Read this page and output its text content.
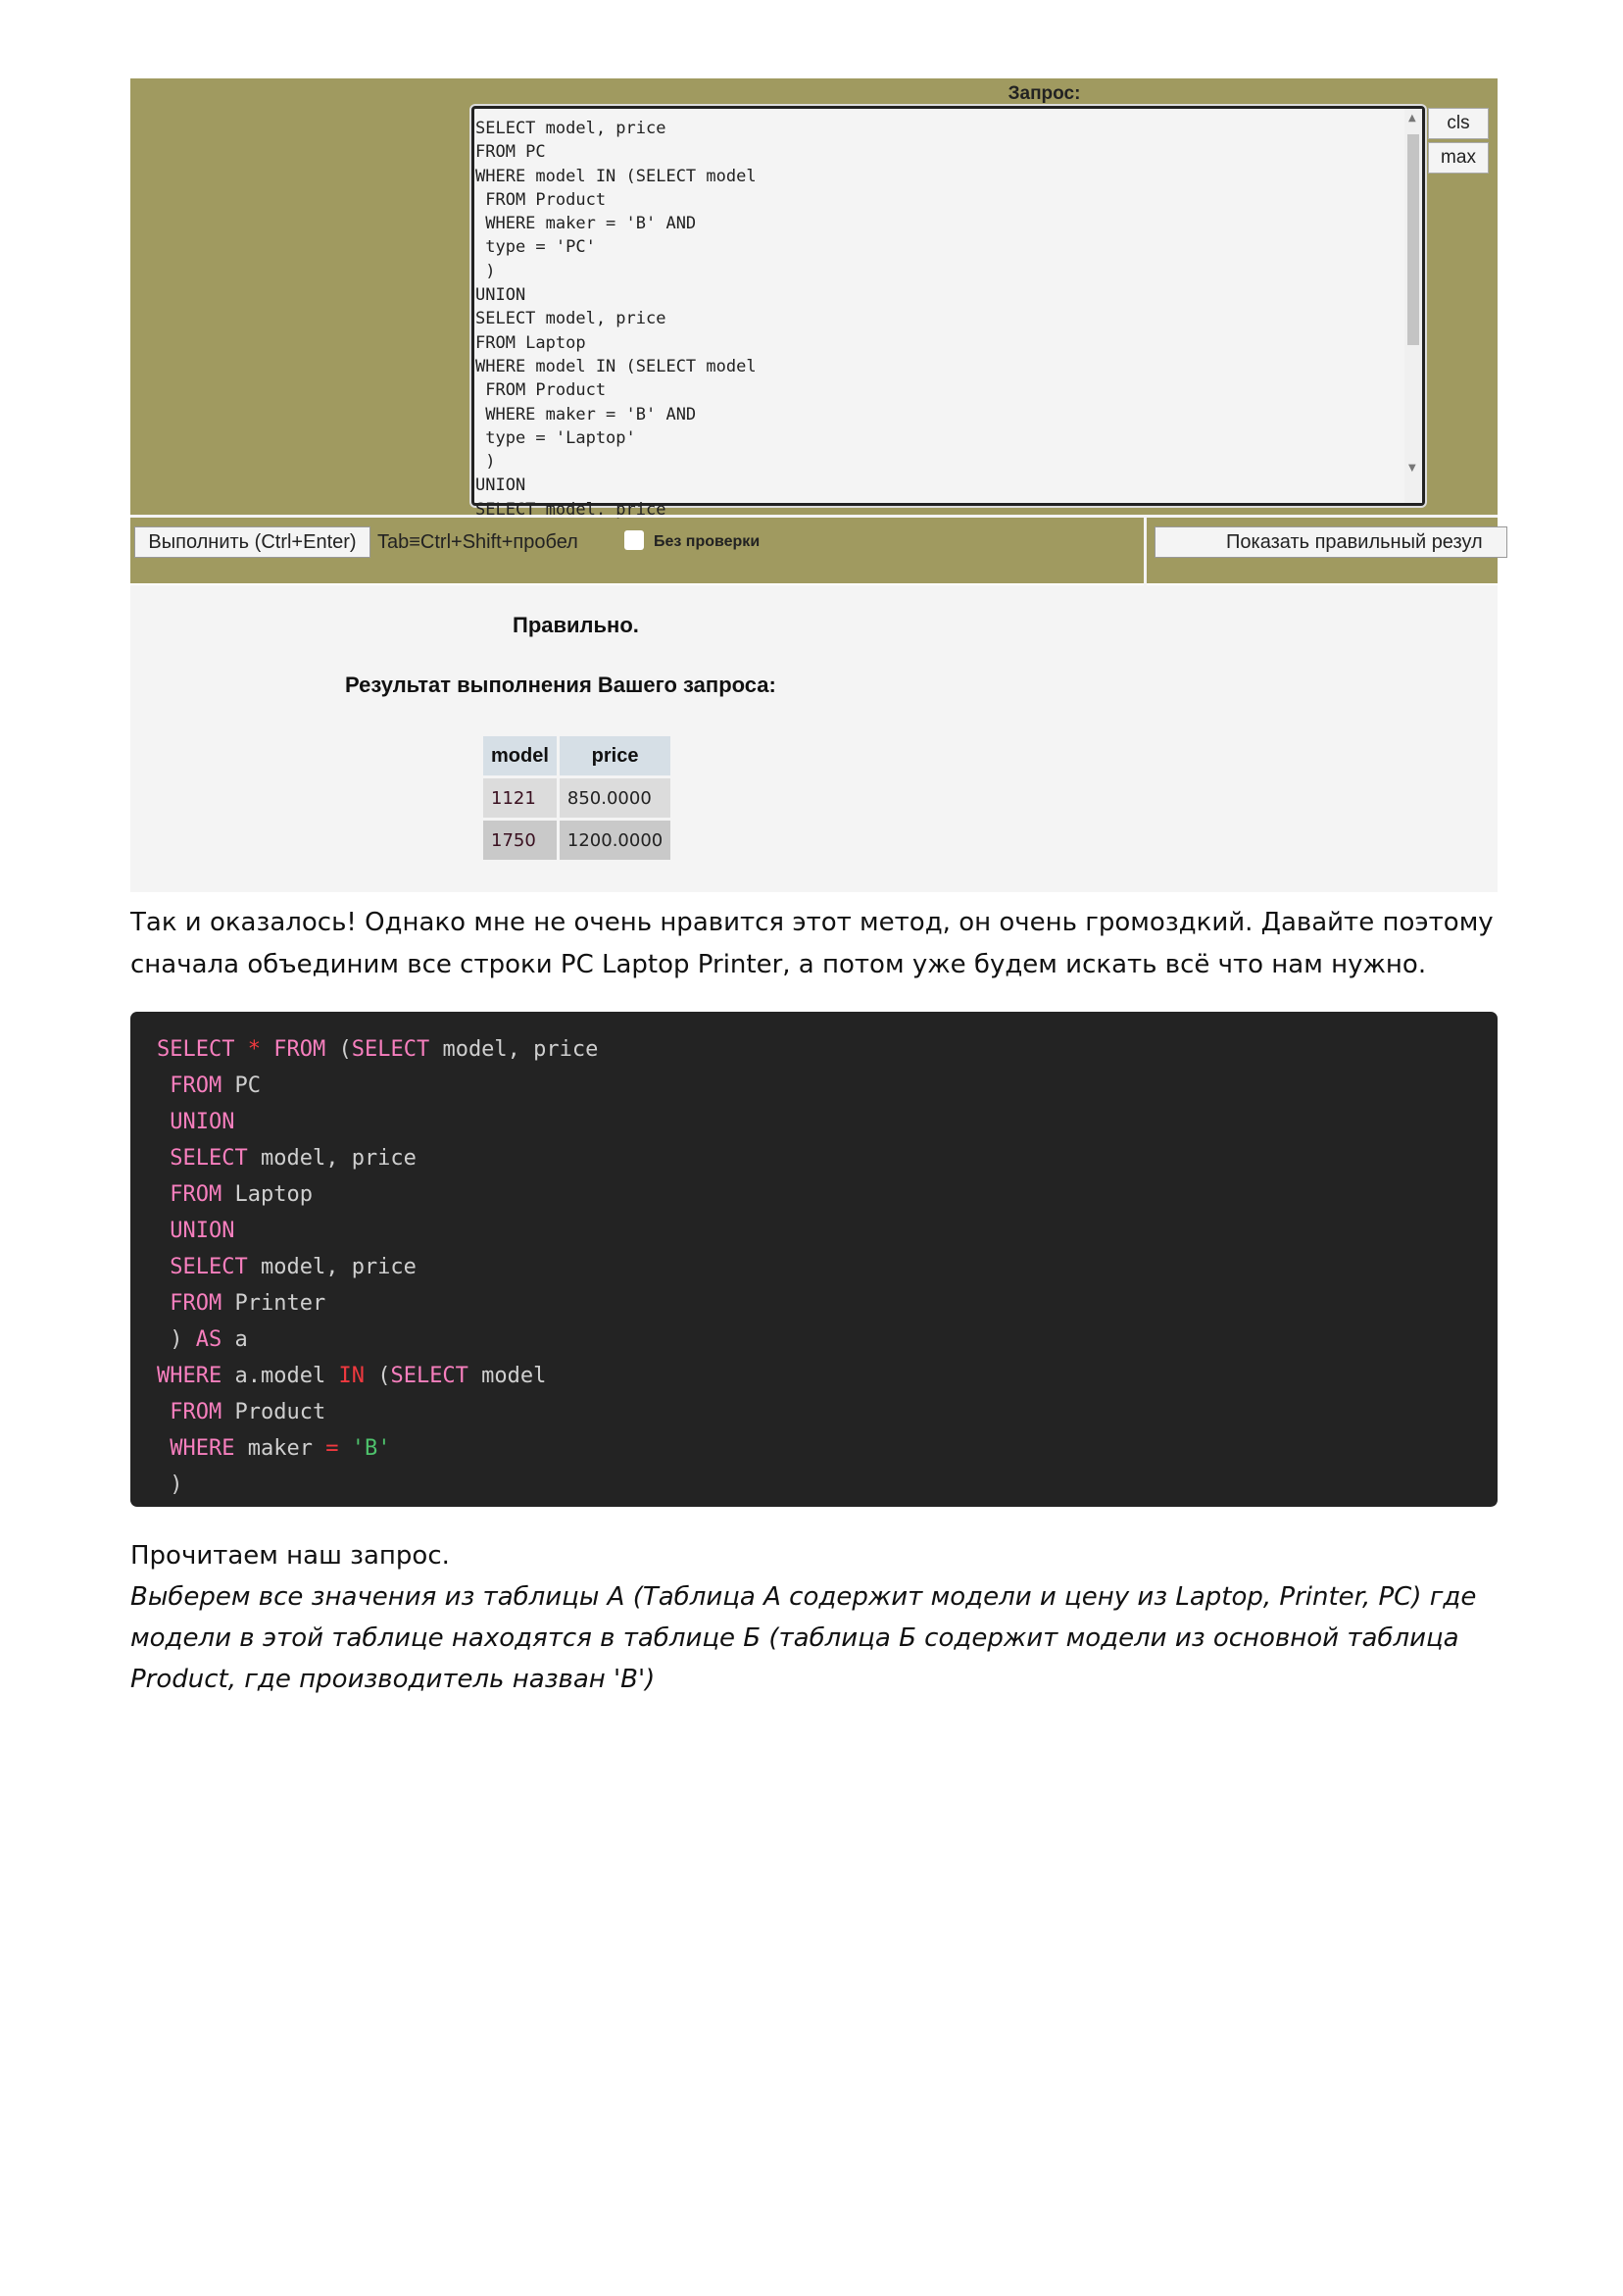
Запрос:
SELECT model, price
FROM PC
WHERE model IN (SELECT model
FROM Product
WHERE maker = 'B' AND
type = 'PC'
)
UNION
SELECT model, price
FROM Laptop
WHERE model IN (SELECT model
FROM Product
WHERE maker = 'B' AND
type = 'Laptop'
)
UNION
SELECT model, price
▲
▼
cls
max
Выполнить (Ctrl+Enter)	Tab≡Ctrl+Shift+пробел	Без проверки	Показать правильный резул
Правильно.
Результат выполнения Вашего запроса:
model	price
1121	850.0000
1750	1200.0000

Так и оказалось! Однако мне не очень нравится этот метод, он очень громоздкий. Давайте поэтому сначала объединим все строки PC Laptop Printer, а потом уже будем искать всё что нам нужно.

SELECT * FROM (SELECT model, price
FROM PC
UNION
SELECT model, price
FROM Laptop
UNION
SELECT model, price
FROM Printer
) AS a
WHERE a.model IN (SELECT model
FROM Product
WHERE maker = 'B'
)

Прочитаем наш запрос.

Выберем все значения из таблицы А (Таблица А содержит модели и цену из Laptop, Printer, PC) где модели в этой таблице находятся в таблице Б (таблица Б содержит модели из основной таблица Product, где производитель назван 'B')
